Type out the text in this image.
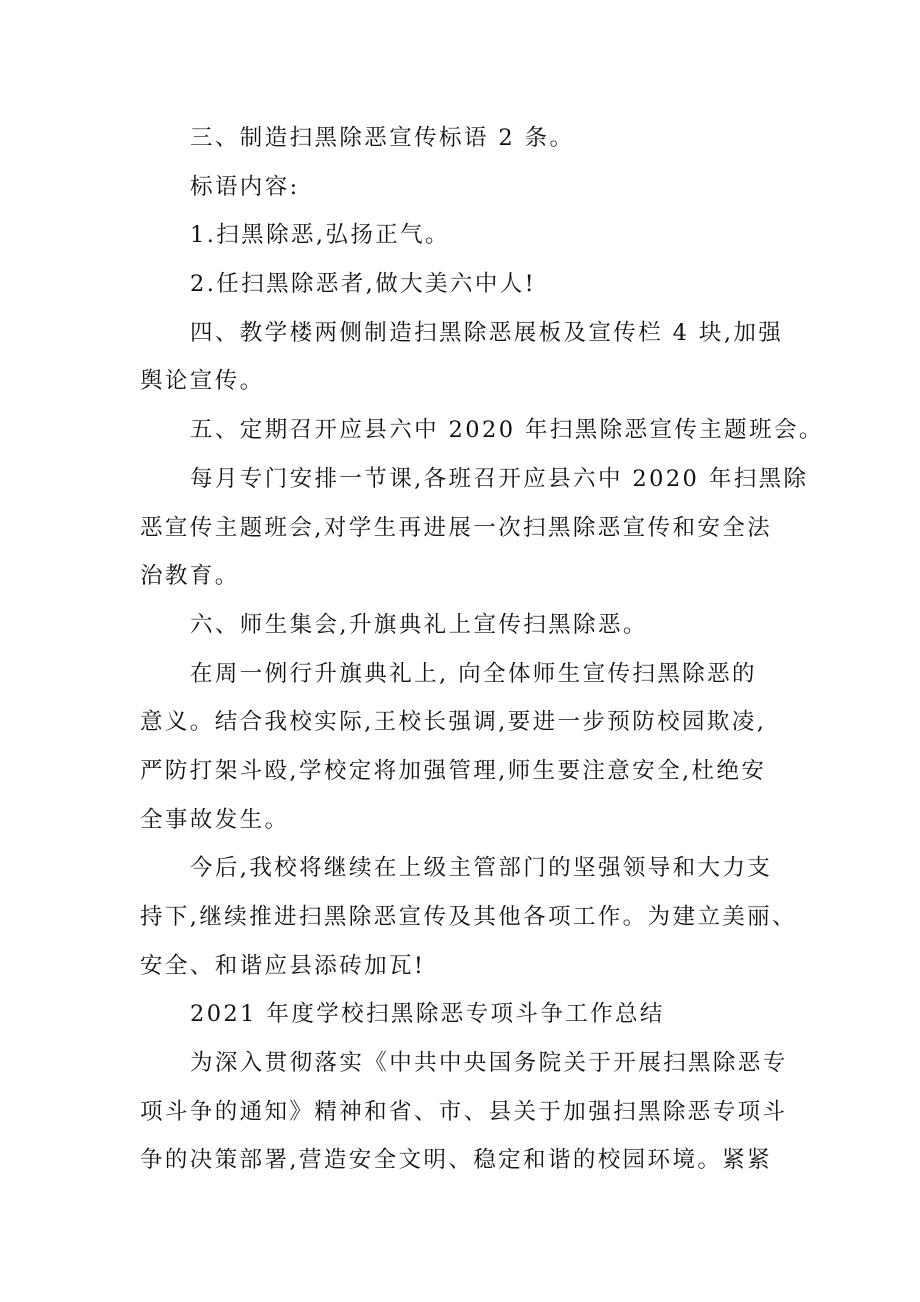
三、制造扫黑除恶宣传标语 2 条。
标语内容:
1.扫黑除恶,弘扬正气。
2.任扫黑除恶者,做大美六中人!
四、教学楼两侧制造扫黑除恶展板及宣传栏 4 块,加强
舆论宣传。
五、定期召开应县六中 2020 年扫黑除恶宣传主题班会。
每月专门安排一节课,各班召开应县六中 2020 年扫黑除
恶宣传主题班会,对学生再进展一次扫黑除恶宣传和安全法
治教育。
六、师生集会,升旗典礼上宣传扫黑除恶。
在周一例行升旗典礼上, 向全体师生宣传扫黑除恶的
意义。结合我校实际,王校长强调,要进一步预防校园欺凌,
严防打架斗殴,学校定将加强管理,师生要注意安全,杜绝安
全事故发生。
今后,我校将继续在上级主管部门的坚强领导和大力支
持下,继续推进扫黑除恶宣传及其他各项工作。为建立美丽、
安全、和谐应县添砖加瓦!
2021 年度学校扫黑除恶专项斗争工作总结
为深入贯彻落实《中共中央国务院关于开展扫黑除恶专
项斗争的通知》精神和省、市、县关于加强扫黑除恶专项斗
争的决策部署,营造安全文明、稳定和谐的校园环境。紧紧
